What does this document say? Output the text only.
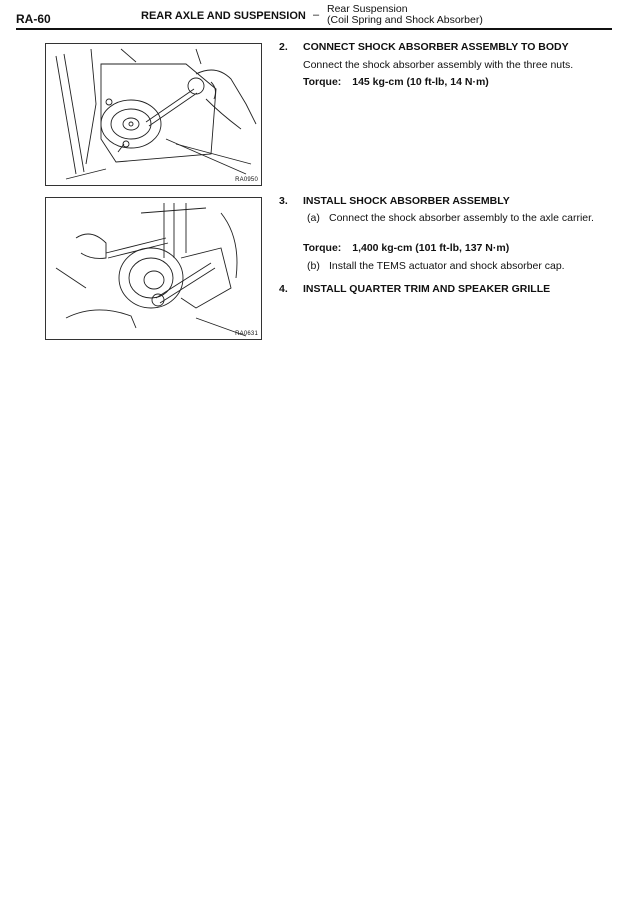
RA-60	REAR AXLE AND SUSPENSION – Rear Suspension
(Coil Spring and Shock Absorber)
RA0950
RA0631
2. CONNECT SHOCK ABSORBER ASSEMBLY TO BODY
Connect the shock absorber assembly with the three nuts.
Torque: 145 kg-cm (10 ft-lb, 14 N·m)
3. INSTALL SHOCK ABSORBER ASSEMBLY
(a) Connect the shock absorber assembly to the axle carrier.
Torque: 1,400 kg-cm (101 ft-lb, 137 N·m)
(b) Install the TEMS actuator and shock absorber cap.
4. INSTALL QUARTER TRIM AND SPEAKER GRILLE
